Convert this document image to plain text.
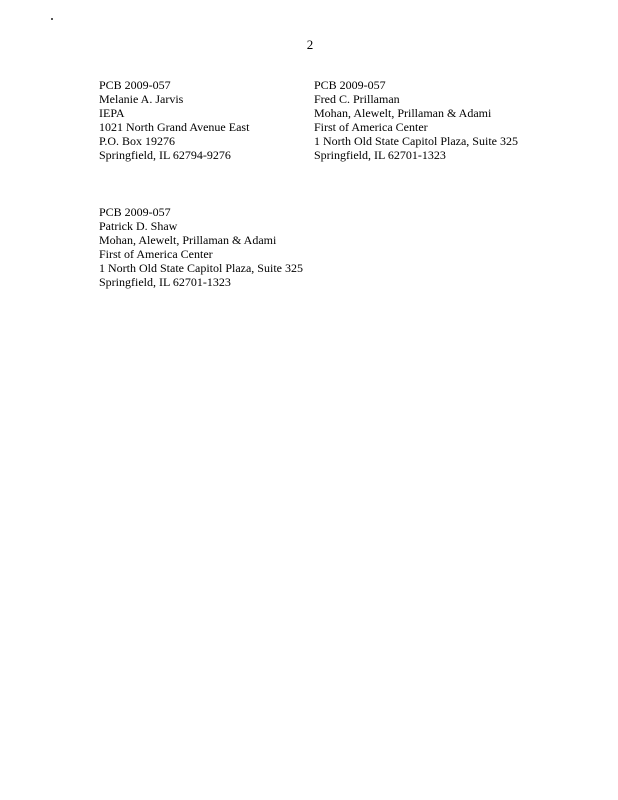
2
PCB 2009-057
Melanie A. Jarvis
IEPA
1021 North Grand Avenue East
P.O. Box 19276
Springfield, IL 62794-9276
PCB 2009-057
Fred C. Prillaman
Mohan, Alewelt, Prillaman & Adami
First of America Center
1 North Old State Capitol Plaza, Suite 325
Springfield, IL 62701-1323
PCB 2009-057
Patrick D. Shaw
Mohan, Alewelt, Prillaman & Adami
First of America Center
1 North Old State Capitol Plaza, Suite 325
Springfield, IL 62701-1323
